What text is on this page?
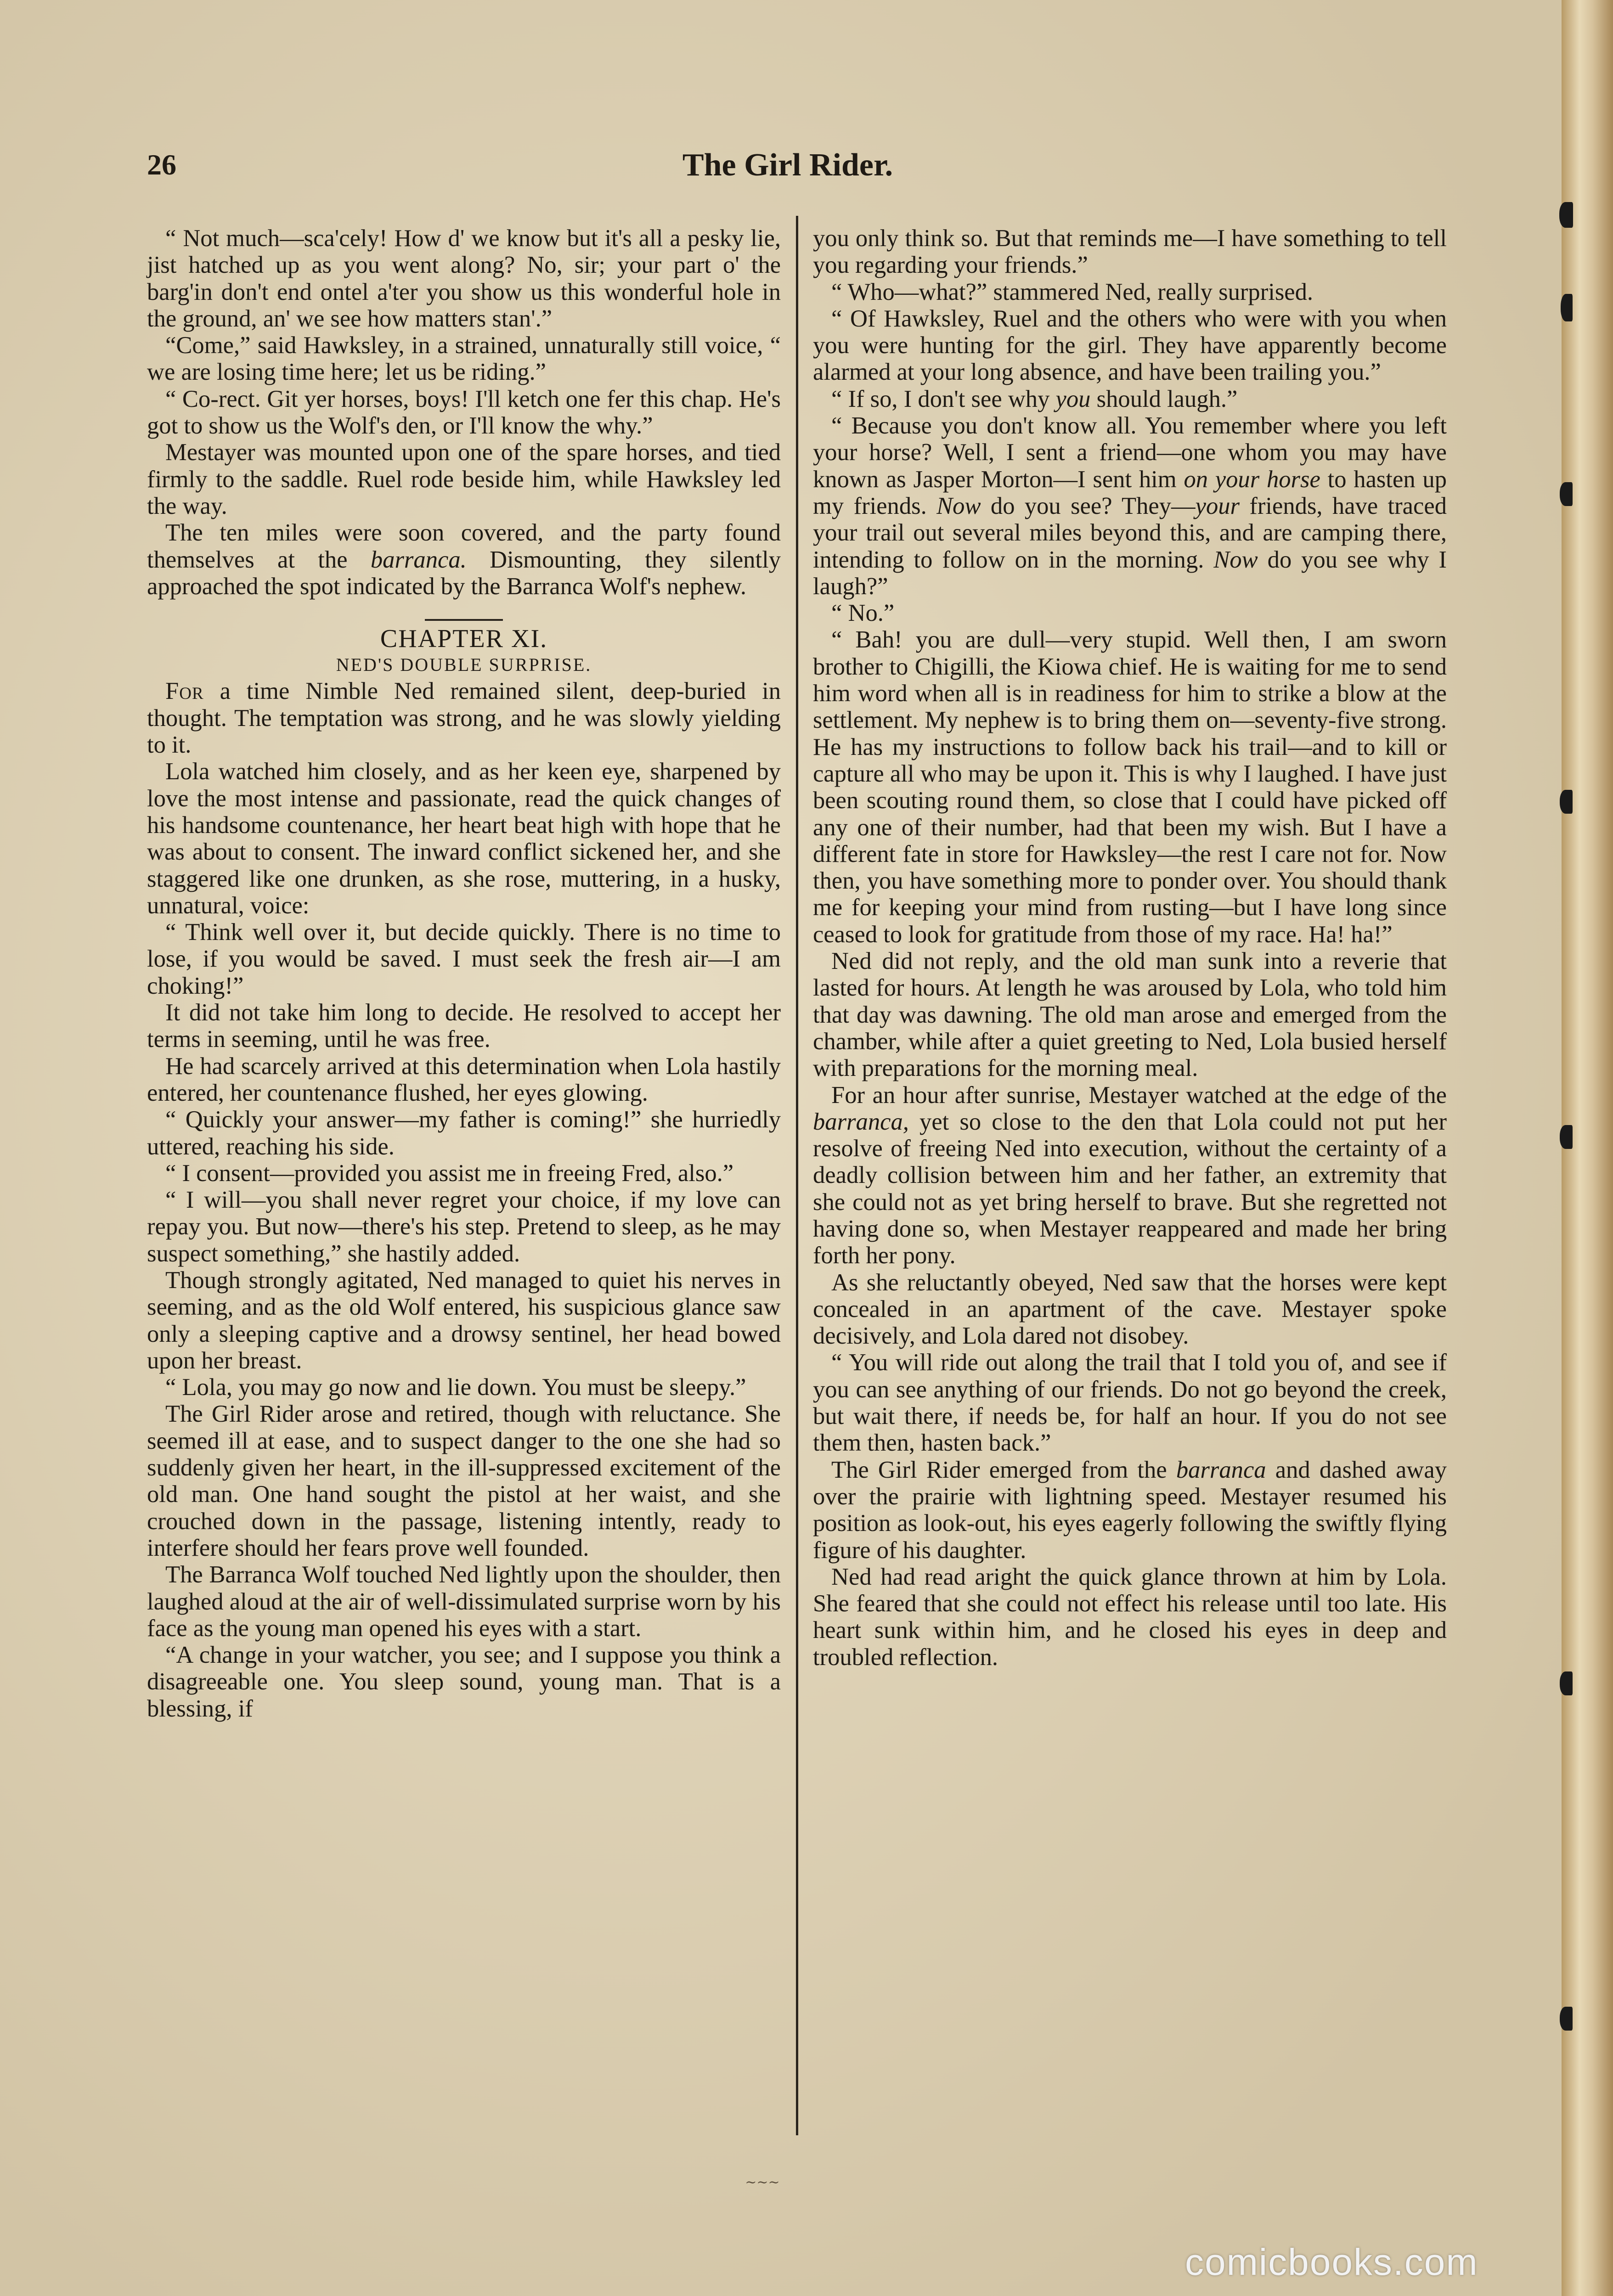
26	The Girl Rider.

“ Not much—sca'cely! How d' we know but it's all a pesky lie, jist hatched up as you went along? No, sir; your part o' the barg'in don't end ontel a'ter you show us this wonderful hole in the ground, an' we see how matters stan'.”

“Come,” said Hawksley, in a strained, unnaturally still voice, “ we are losing time here; let us be riding.”

“ Co-rect. Git yer horses, boys! I'll ketch one fer this chap. He's got to show us the Wolf's den, or I'll know the why.”

Mestayer was mounted upon one of the spare horses, and tied firmly to the saddle. Ruel rode beside him, while Hawksley led the way.

The ten miles were soon covered, and the party found themselves at the barranca. Dismounting, they silently approached the spot indicated by the Barranca Wolf's nephew.

CHAPTER XI.
NED'S DOUBLE SURPRISE.

For a time Nimble Ned remained silent, deep-buried in thought. The temptation was strong, and he was slowly yielding to it.

Lola watched him closely, and as her keen eye, sharpened by love the most intense and passionate, read the quick changes of his handsome countenance, her heart beat high with hope that he was about to consent. The inward conflict sickened her, and she staggered like one drunken, as she rose, muttering, in a husky, unnatural, voice:

“ Think well over it, but decide quickly. There is no time to lose, if you would be saved. I must seek the fresh air—I am choking!”

It did not take him long to decide. He resolved to accept her terms in seeming, until he was free.

He had scarcely arrived at this determination when Lola hastily entered, her countenance flushed, her eyes glowing.

“ Quickly your answer—my father is coming!” she hurriedly uttered, reaching his side.

“ I consent—provided you assist me in freeing Fred, also.”

“ I will—you shall never regret your choice, if my love can repay you. But now—there's his step. Pretend to sleep, as he may suspect something,” she hastily added.

Though strongly agitated, Ned managed to quiet his nerves in seeming, and as the old Wolf entered, his suspicious glance saw only a sleeping captive and a drowsy sentinel, her head bowed upon her breast.

“ Lola, you may go now and lie down. You must be sleepy.”

The Girl Rider arose and retired, though with reluctance. She seemed ill at ease, and to suspect danger to the one she had so suddenly given her heart, in the ill-suppressed excitement of the old man. One hand sought the pistol at her waist, and she crouched down in the passage, listening intently, ready to interfere should her fears prove well founded.

The Barranca Wolf touched Ned lightly upon the shoulder, then laughed aloud at the air of well-dissimulated surprise worn by his face as the young man opened his eyes with a start.

“A change in your watcher, you see; and I suppose you think a disagreeable one. You sleep sound, young man. That is a blessing, if

you only think so. But that reminds me—I have something to tell you regarding your friends.”

“ Who—what?” stammered Ned, really surprised.

“ Of Hawksley, Ruel and the others who were with you when you were hunting for the girl. They have apparently become alarmed at your long absence, and have been trailing you.”

“ If so, I don't see why you should laugh.”

“ Because you don't know all. You remember where you left your horse? Well, I sent a friend—one whom you may have known as Jasper Morton—I sent him on your horse to hasten up my friends. Now do you see? They—your friends, have traced your trail out several miles beyond this, and are camping there, intending to follow on in the morning. Now do you see why I laugh?”

“ No.”

“ Bah! you are dull—very stupid. Well then, I am sworn brother to Chigilli, the Kiowa chief. He is waiting for me to send him word when all is in readiness for him to strike a blow at the settlement. My nephew is to bring them on—seventy-five strong. He has my instructions to follow back his trail—and to kill or capture all who may be upon it. This is why I laughed. I have just been scouting round them, so close that I could have picked off any one of their number, had that been my wish. But I have a different fate in store for Hawksley—the rest I care not for. Now then, you have something more to ponder over. You should thank me for keeping your mind from rusting—but I have long since ceased to look for gratitude from those of my race. Ha! ha!”

Ned did not reply, and the old man sunk into a reverie that lasted for hours. At length he was aroused by Lola, who told him that day was dawning. The old man arose and emerged from the chamber, while after a quiet greeting to Ned, Lola busied herself with preparations for the morning meal.

For an hour after sunrise, Mestayer watched at the edge of the barranca, yet so close to the den that Lola could not put her resolve of freeing Ned into execution, without the certainty of a deadly collision between him and her father, an extremity that she could not as yet bring herself to brave. But she regretted not having done so, when Mestayer reappeared and made her bring forth her pony.

As she reluctantly obeyed, Ned saw that the horses were kept concealed in an apartment of the cave. Mestayer spoke decisively, and Lola dared not disobey.

“ You will ride out along the trail that I told you of, and see if you can see anything of our friends. Do not go beyond the creek, but wait there, if needs be, for half an hour. If you do not see them then, hasten back.”

The Girl Rider emerged from the barranca and dashed away over the prairie with lightning speed. Mestayer resumed his position as look-out, his eyes eagerly following the swiftly flying figure of his daughter.

Ned had read aright the quick glance thrown at him by Lola. She feared that she could not effect his release until too late. His heart sunk within him, and he closed his eyes in deep and troubled reflection.

∼∼∼
comicbooks.com
